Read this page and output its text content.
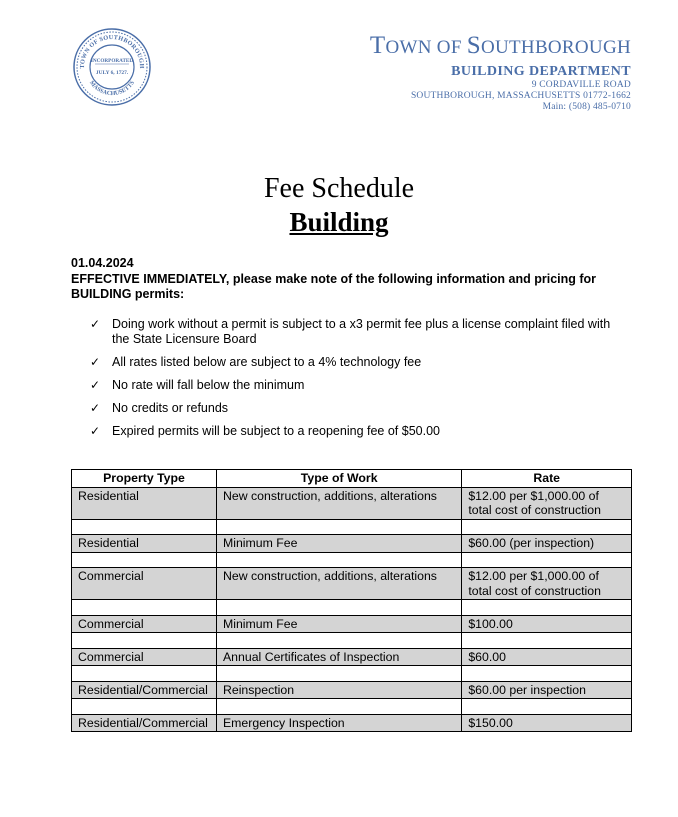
TOWN OF SOUTHBOROUGH
MASSACHUSETTS
INCORPORATED
JULY 6, 1727.
TOWN OF SOUTHBOROUGH
BUILDING DEPARTMENT
9 CORDAVILLE ROAD
SOUTHBOROUGH, MASSACHUSETTS 01772-1662
Main: (508) 485-0710
Fee Schedule
Building
01.04.2024
EFFECTIVE IMMEDIATELY, please make note of the following information and pricing for BUILDING permits:
✓ Doing work without a permit is subject to a x3 permit fee plus a license complaint filed with the State Licensure Board
✓ All rates listed below are subject to a 4% technology fee
✓ No rate will fall below the minimum
✓ No credits or refunds
✓ Expired permits will be subject to a reopening fee of $50.00
Property Type	Type of Work	Rate
Residential	New construction, additions, alterations	$12.00 per $1,000.00 of total cost of construction

Residential	Minimum Fee	$60.00 (per inspection)

Commercial	New construction, additions, alterations	$12.00 per $1,000.00 of total cost of construction

Commercial	Minimum Fee	$100.00

Commercial	Annual Certificates of Inspection	$60.00

Residential/Commercial	Reinspection	$60.00 per inspection

Residential/Commercial	Emergency Inspection	$150.00
